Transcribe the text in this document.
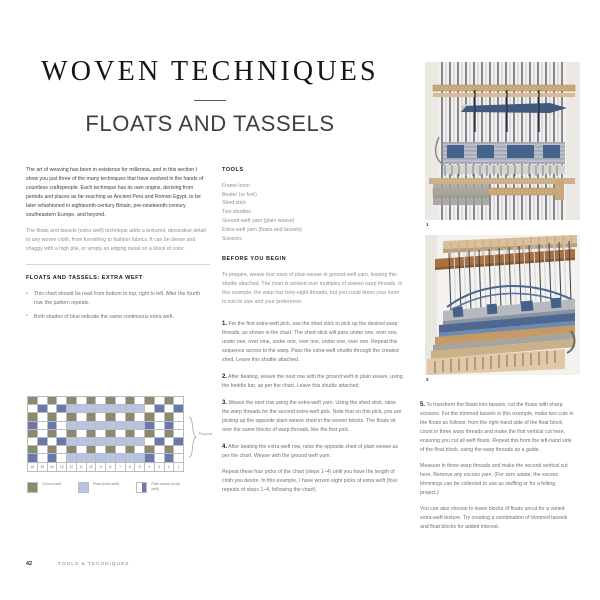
WOVEN TECHNIQUES
FLOATS AND TASSELS

The art of weaving has been in existence for millennia, and in this section I show you just three of the many techniques that have evolved in the hands of countless craftspeople. Each technique has its own origins, deriving from periods and places as far-reaching as Ancient Peru and Roman Egypt, to be later refashioned in eighteenth-century Britain, pre-nineteenth-century southeastern Europe, and beyond.

The floats and tassels (extra weft) technique adds a textured, decorative detail to any woven cloth, from furnishing to fashion fabrics. It can be dense and shaggy with a high pile, or simply an edging detail on a block of color.

FLOATS AND TASSELS: EXTRA WEFT
• This chart should be read from bottom to top, right to left. After the fourth row, the pattern repeats.
• Both shades of blue indicate the same continuous extra weft.
16	15	14	13	12	11	10	9	8	7	6	5	4	3	2	1
Repeat
Ground weft	Float (extra weft)	Plain weave (extra weft)
TOOLS

Frame loom

Beater (or fork)

Shed stick

Two shuttles

Ground-weft yarn (plain weave)

Extra-weft yarn (floats and tassels)

Scissors

BEFORE YOU BEGIN

To prepare, weave four rows of plain weave in ground-weft yarn, leaving this shuttle attached. The chart is worked over multiples of sixteen warp threads. In this example, the warp has forty-eight threads, but you could dress your loom to suit its size and your preference.

1. For the first extra-weft pick, use the shed stick to pick up the desired warp threads, as shown in the chart. The shed stick will pass under one, over one, under one, over nine, under one, over one, under one, over one. Repeat this sequence across to the warp. Pass the extra-weft shuttle through the created shed. Leave this shuttle attached.

2. After beating, weave the next row with the ground weft in plain weave, using the heddle bar, as per the chart. Leave this shuttle attached.

3. Weave the next row using the extra-weft yarn. Using the shed stick, raise the warp threads for the second extra-weft pick. Note that on this pick, you are picking up the opposite plain weave shed in the woven blocks. The floats sit over the same blocks of warp threads, like the first pick.

4. After beating the extra-weft row, raise the opposite shed of plain weave as per the chart. Weave with the ground weft yarn.

Repeat these four picks of the chart (steps 1–4) until you have the length of cloth you desire. In this example, I have woven eight picks of extra weft (four repeats of steps 1–4, following the chart).

5. To transform the floats into tassels, cut the floats with sharp scissors. For the trimmed tassels in this example, make two cuts in the floats as follows: from the right-hand side of the float block, count in three warp threads and make the first vertical cut here, ensuring you cut all weft floats. Repeat this from the left-hand side of the float block, using the warp threads as a guide.

Measure in three warp threads and make the second vertical cut here. Remove any excess yarn. (For zero waste, the excess trimmings can be collected to use as stuffing or for a felting project.)

You can also choose to leave blocks of floats uncut for a varied extra-weft texture. Try creating a combination of trimmed tassels and float blocks for added interest.

1
3
42	TOOLS & TECHNIQUES
